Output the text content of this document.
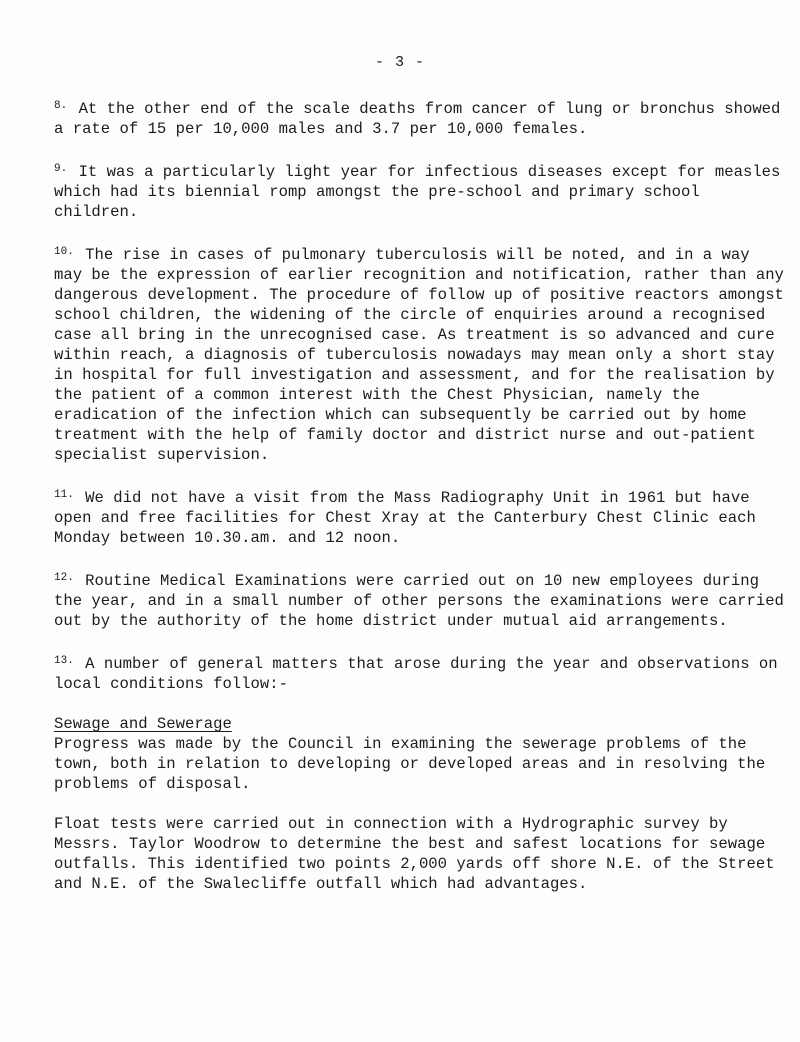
- 3 -

$^{8.}$ At the other end of the scale deaths from cancer of lung or bronchus showed a rate of 15 per 10,000 males and 3.7 per 10,000 females.

$^{9.}$ It was a particularly light year for infectious diseases except for measles which had its biennial romp amongst the pre-school and primary school children.

$^{10.}$ The rise in cases of pulmonary tuberculosis will be noted, and in a way may be the expression of earlier recognition and notification, rather than any dangerous development. The procedure of follow up of positive reactors amongst school children, the widening of the circle of enquiries around a recognised case all bring in the unrecognised case. As treatment is so advanced and cure within reach, a diagnosis of tuberculosis nowadays may mean only a short stay in hospital for full investigation and assessment, and for the realisation by the patient of a common interest with the Chest Physician, namely the eradication of the infection which can subsequently be carried out by home treatment with the help of family doctor and district nurse and out-patient specialist supervision.

$^{11.}$ We did not have a visit from the Mass Radiography Unit in 1961 but have open and free facilities for Chest Xray at the Canterbury Chest Clinic each Monday between 10.30.am. and 12 noon.

$^{12.}$ Routine Medical Examinations were carried out on 10 new employees during the year, and in a small number of other persons the examinations were carried out by the authority of the home district under mutual aid arrangements.

$^{13.}$ A number of general matters that arose during the year and observations on local conditions follow:-

Sewage and Sewerage

Progress was made by the Council in examining the sewerage problems of the town, both in relation to developing or developed areas and in resolving the problems of disposal.

Float tests were carried out in connection with a Hydrographic survey by Messrs. Taylor Woodrow to determine the best and safest locations for sewage outfalls. This identified two points 2,000 yards off shore N.E. of the Street and N.E. of the Swalecliffe outfall which had advantages.
